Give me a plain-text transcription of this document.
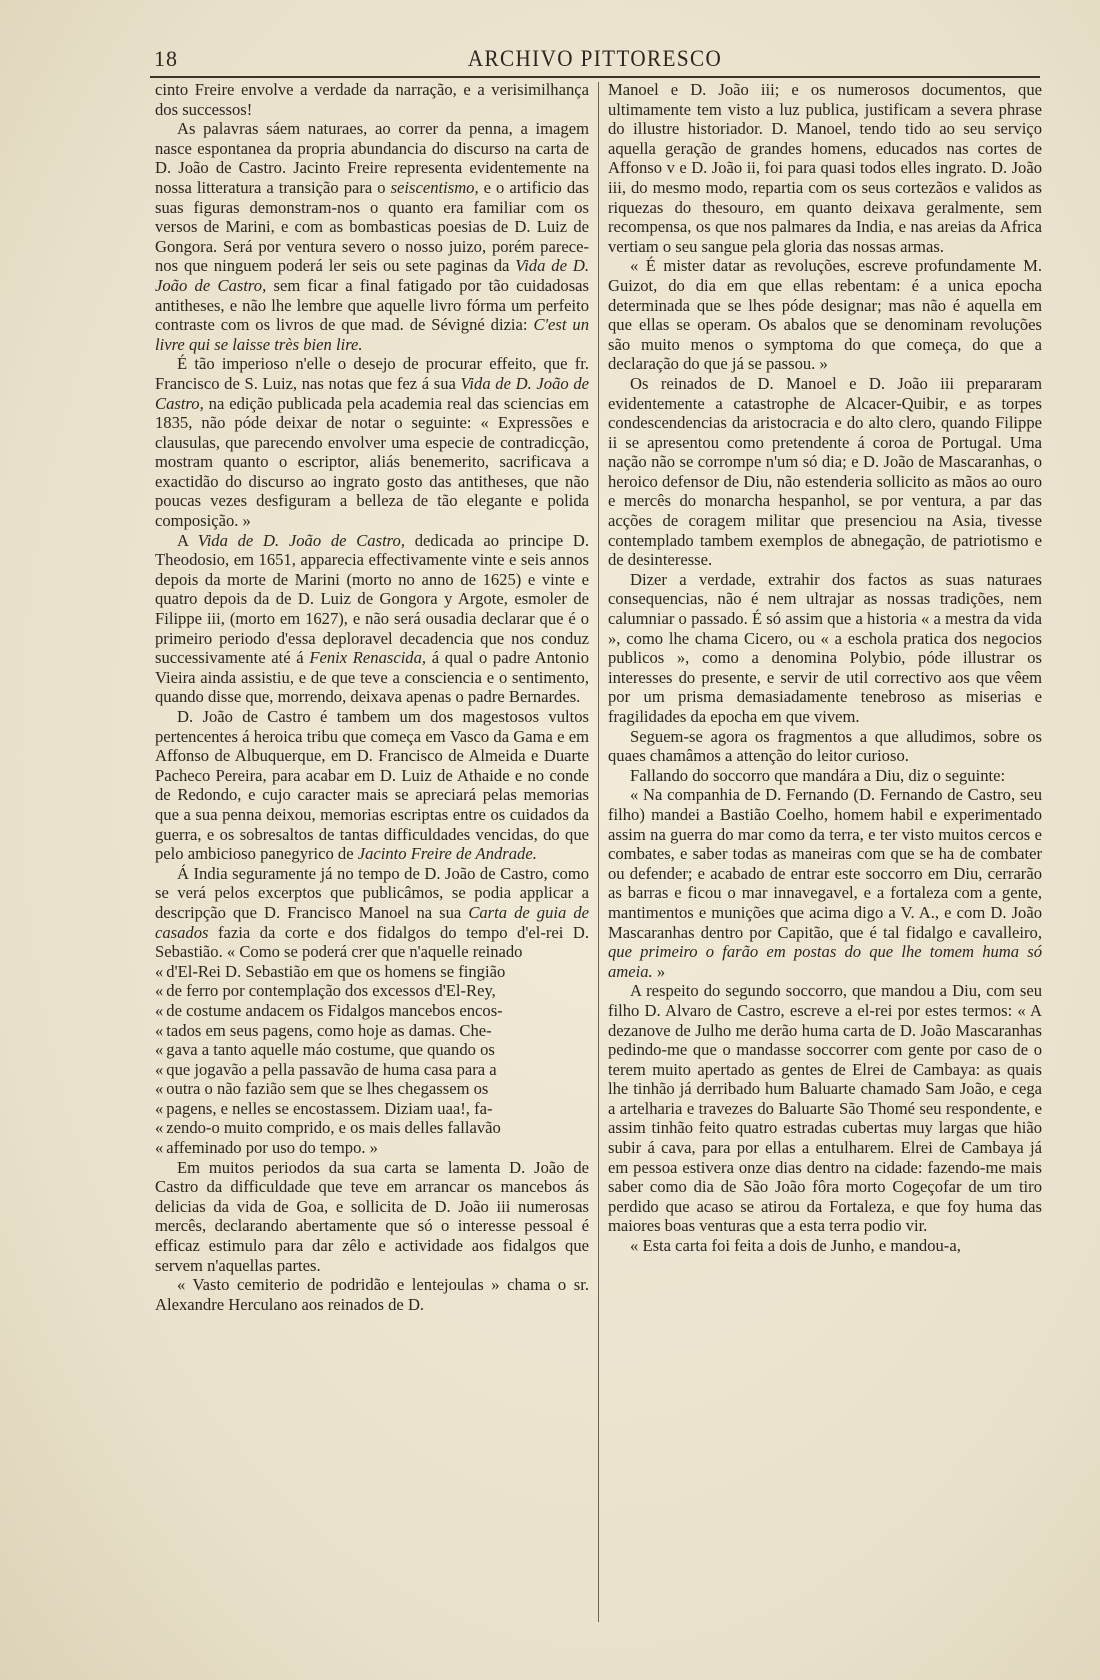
18	ARCHIVO PITTORESCO

cinto Freire envolve a verdade da narração, e a verisimilhança dos successos!

As palavras sáem naturaes, ao correr da penna, a imagem nasce espontanea da propria abundancia do discurso na carta de D. João de Castro. Jacinto Freire representa evidentemente na nossa litteratura a transição para o seiscentismo, e o artificio das suas figuras demonstram-nos o quanto era familiar com os versos de Marini, e com as bombasticas poesias de D. Luiz de Gongora. Será por ventura severo o nosso juizo, porém parece-nos que ninguem poderá ler seis ou sete paginas da Vida de D. João de Castro, sem ficar a final fatigado por tão cuidadosas antitheses, e não lhe lembre que aquelle livro fórma um perfeito contraste com os livros de que mad. de Sévigné dizia: C'est un livre qui se laisse très bien lire.

É tão imperioso n'elle o desejo de procurar effeito, que fr. Francisco de S. Luiz, nas notas que fez á sua Vida de D. João de Castro, na edição publicada pela academia real das sciencias em 1835, não póde deixar de notar o seguinte: « Expressões e clausulas, que parecendo envolver uma especie de contradicção, mostram quanto o escriptor, aliás benemerito, sacrificava a exactidão do discurso ao ingrato gosto das antitheses, que não poucas vezes desfiguram a belleza de tão elegante e polida composição. »

A Vida de D. João de Castro, dedicada ao principe D. Theodosio, em 1651, apparecia effectivamente vinte e seis annos depois da morte de Marini (morto no anno de 1625) e vinte e quatro depois da de D. Luiz de Gongora y Argote, esmoler de Filippe iii, (morto em 1627), e não será ousadia declarar que é o primeiro periodo d'essa deploravel decadencia que nos conduz successivamente até á Fenix Renascida, á qual o padre Antonio Vieira ainda assistiu, e de que teve a consciencia e o sentimento, quando disse que, morrendo, deixava apenas o padre Bernardes.

D. João de Castro é tambem um dos magestosos vultos pertencentes á heroica tribu que começa em Vasco da Gama e em Affonso de Albuquerque, em D. Francisco de Almeida e Duarte Pacheco Pereira, para acabar em D. Luiz de Athaide e no conde de Redondo, e cujo caracter mais se apreciará pelas memorias que a sua penna deixou, memorias escriptas entre os cuidados da guerra, e os sobresaltos de tantas difficuldades vencidas, do que pelo ambicioso panegyrico de Jacinto Freire de Andrade.

Á India seguramente já no tempo de D. João de Castro, como se verá pelos excerptos que publicâmos, se podia applicar a descripção que D. Francisco Manoel na sua Carta de guia de casados fazia da corte e dos fidalgos do tempo d'el-rei D. Sebastião. « Como se poderá crer que n'aquelle reinado

« d'El-Rei D. Sebastião em que os homens se fingião
« de ferro por contemplação dos excessos d'El-Rey,
« de costume andacem os Fidalgos mancebos encos-
« tados em seus pagens, como hoje as damas. Che-
« gava a tanto aquelle máo costume, que quando os
« que jogavão a pella passavão de huma casa para a
« outra o não fazião sem que se lhes chegassem os
« pagens, e nelles se encostassem. Diziam uaa!, fa-
« zendo-o muito comprido, e os mais delles fallavão
« affeminado por uso do tempo. »

Em muitos periodos da sua carta se lamenta D. João de Castro da difficuldade que teve em arrancar os mancebos ás delicias da vida de Goa, e sollicita de D. João iii numerosas mercês, declarando abertamente que só o interesse pessoal é efficaz estimulo para dar zêlo e actividade aos fidalgos que servem n'aquellas partes.

« Vasto cemiterio de podridão e lentejoulas » chama o sr. Alexandre Herculano aos reinados de D.

Manoel e D. João iii; e os numerosos documentos, que ultimamente tem visto a luz publica, justificam a severa phrase do illustre historiador. D. Manoel, tendo tido ao seu serviço aquella geração de grandes homens, educados nas cortes de Affonso v e D. João ii, foi para quasi todos elles ingrato. D. João iii, do mesmo modo, repartia com os seus cortezãos e validos as riquezas do thesouro, em quanto deixava geralmente, sem recompensa, os que nos palmares da India, e nas areias da Africa vertiam o seu sangue pela gloria das nossas armas.

« É mister datar as revoluções, escreve profundamente M. Guizot, do dia em que ellas rebentam: é a unica epocha determinada que se lhes póde designar; mas não é aquella em que ellas se operam. Os abalos que se denominam revoluções são muito menos o symptoma do que começa, do que a declaração do que já se passou. »

Os reinados de D. Manoel e D. João iii prepararam evidentemente a catastrophe de Alcacer-Quibir, e as torpes condescendencias da aristocracia e do alto clero, quando Filippe ii se apresentou como pretendente á coroa de Portugal. Uma nação não se corrompe n'um só dia; e D. João de Mascaranhas, o heroico defensor de Diu, não estenderia sollicito as mãos ao ouro e mercês do monarcha hespanhol, se por ventura, a par das acções de coragem militar que presenciou na Asia, tivesse contemplado tambem exemplos de abnegação, de patriotismo e de desinteresse.

Dizer a verdade, extrahir dos factos as suas naturaes consequencias, não é nem ultrajar as nossas tradições, nem calumniar o passado. É só assim que a historia « a mestra da vida », como lhe chama Cicero, ou « a eschola pratica dos negocios publicos », como a denomina Polybio, póde illustrar os interesses do presente, e servir de util correctivo aos que vêem por um prisma demasiadamente tenebroso as miserias e fragilidades da epocha em que vivem.

Seguem-se agora os fragmentos a que alludimos, sobre os quaes chamâmos a attenção do leitor curioso.

Fallando do soccorro que mandára a Diu, diz o seguinte:

« Na companhia de D. Fernando (D. Fernando de Castro, seu filho) mandei a Bastião Coelho, homem habil e experimentado assim na guerra do mar como da terra, e ter visto muitos cercos e combates, e saber todas as maneiras com que se ha de combater ou defender; e acabado de entrar este soccorro em Diu, cerrarão as barras e ficou o mar innavegavel, e a fortaleza com a gente, mantimentos e munições que acima digo a V. A., e com D. João Mascaranhas dentro por Capitão, que é tal fidalgo e cavalleiro, que primeiro o farão em postas do que lhe tomem huma só ameia. »

A respeito do segundo soccorro, que mandou a Diu, com seu filho D. Alvaro de Castro, escreve a el-rei por estes termos: « A dezanove de Julho me derão huma carta de D. João Mascaranhas pedindo-me que o mandasse soccorrer com gente por caso de o terem muito apertado as gentes de Elrei de Cambaya: as quais lhe tinhão já derribado hum Baluarte chamado Sam João, e cega a artelharia e travezes do Baluarte São Thomé seu respondente, e assim tinhão feito quatro estradas cubertas muy largas que hião subir á cava, para por ellas a entulharem. Elrei de Cambaya já em pessoa estivera onze dias dentro na cidade: fazendo-me mais saber como dia de São João fôra morto Cogeçofar de um tiro perdido que acaso se atirou da Fortaleza, e que foy huma das maiores boas venturas que a esta terra podio vir.

« Esta carta foi feita a dois de Junho, e mandou-a,
